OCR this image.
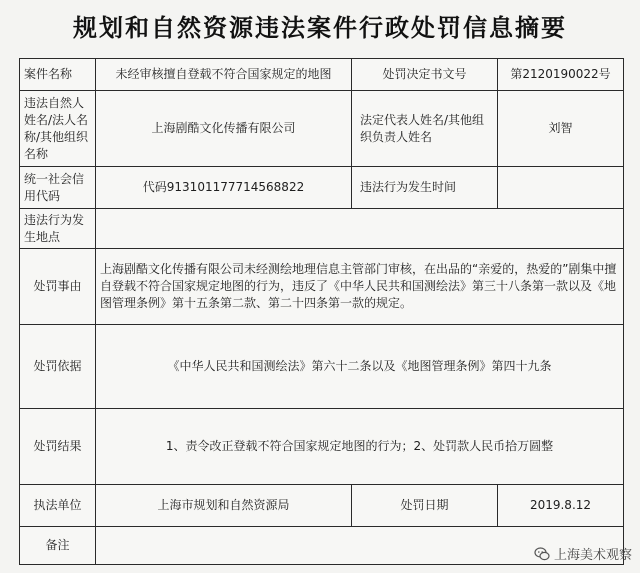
规划和自然资源违法案件行政处罚信息摘要
案件名称	未经审核擅自登载不符合国家规定的地图	处罚决定书文号	第2120190022号
违法自然人姓名/法人名称/其他组织名称	上海剧酷文化传播有限公司	法定代表人姓名/其他组织负责人姓名	刘智
统一社会信用代码	代码913101177714568822	违法行为发生时间	
违法行为发生地点			
处罚事由	上海剧酷文化传播有限公司未经测绘地理信息主管部门审核，在出品的“亲爱的，热爱的”剧集中擅自登载不符合国家规定地图的行为，违反了《中华人民共和国测绘法》第三十八条第一款以及《地图管理条例》第十五条第二款、第二十四条第一款的规定。		
处罚依据	《中华人民共和国测绘法》第六十二条以及《地图管理条例》第四十九条		
处罚结果	1、责令改正登载不符合国家规定地图的行为；2、处罚款人民币拾万圆整		
执法单位	上海市规划和自然资源局	处罚日期	2019.8.12
备注			
上海美术观察
